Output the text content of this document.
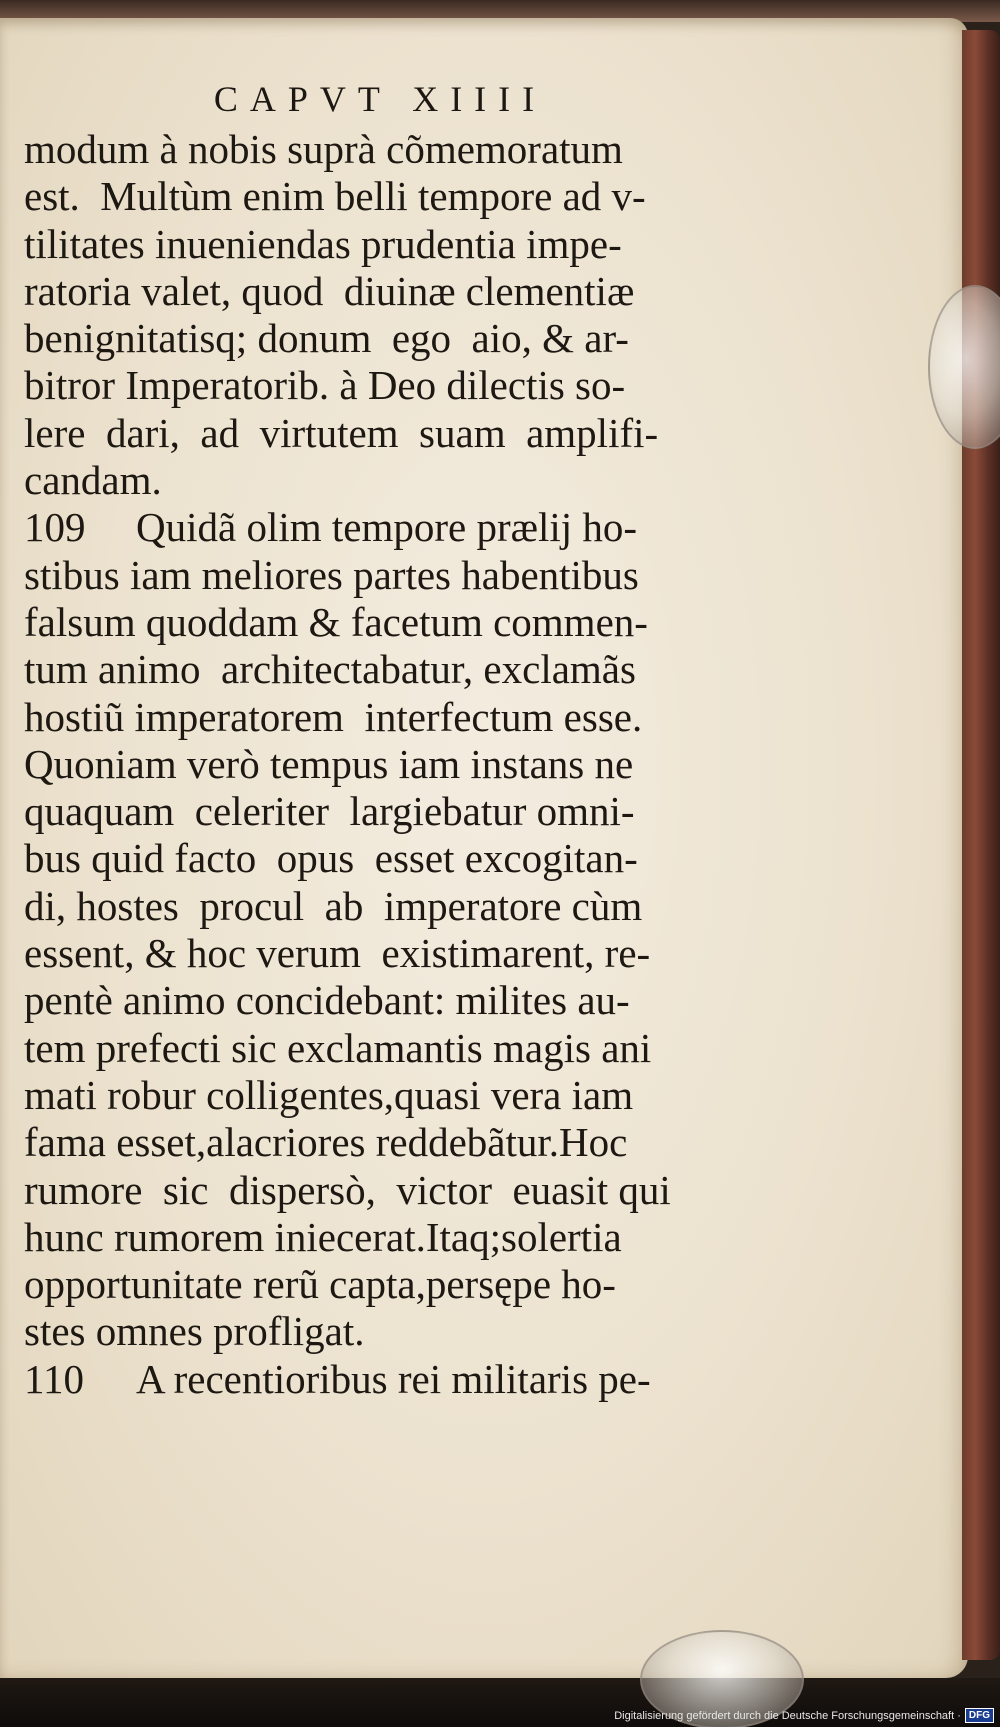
CAPVT XIIII
modum à nobis suprà cõmemoratum
est.  Multùm enim belli tempore ad v-
tilitates inueniendas prudentia impe-
ratoria valet, quod  diuinæ clementiæ
benignitatisq; donum  ego  aio, & ar-
bitror Imperatorib. à Deo dilectis so-
lere  dari,  ad  virtutem  suam  amplifi-
candam.
109 Quidã olim tempore prælij ho-
stibus iam meliores partes habentibus
falsum quoddam & facetum commen-
tum animo  architectabatur, exclamãs
hostiũ imperatorem  interfectum esse.
Quoniam verò tempus iam instans ne
quaquam  celeriter  largiebatur omni-
bus quid facto  opus  esset excogitan-
di, hostes  procul  ab  imperatore cùm
essent, & hoc verum  existimarent, re-
pentè animo concidebant: milites au-
tem prefecti sic exclamantis magis ani
mati robur colligentes,quasi vera iam
fama esset,alacriores reddebãtur.Hoc
rumore  sic  dispersò,  victor  euasit qui
hunc rumorem iniecerat.Itaq;solertia
opportunitate rerũ capta,persępe ho-
stes omnes profligat.
110 A recentioribus rei militaris pe-
Digitalisierung gefördert durch die Deutsche Forschungsgemeinschaft · DFG
